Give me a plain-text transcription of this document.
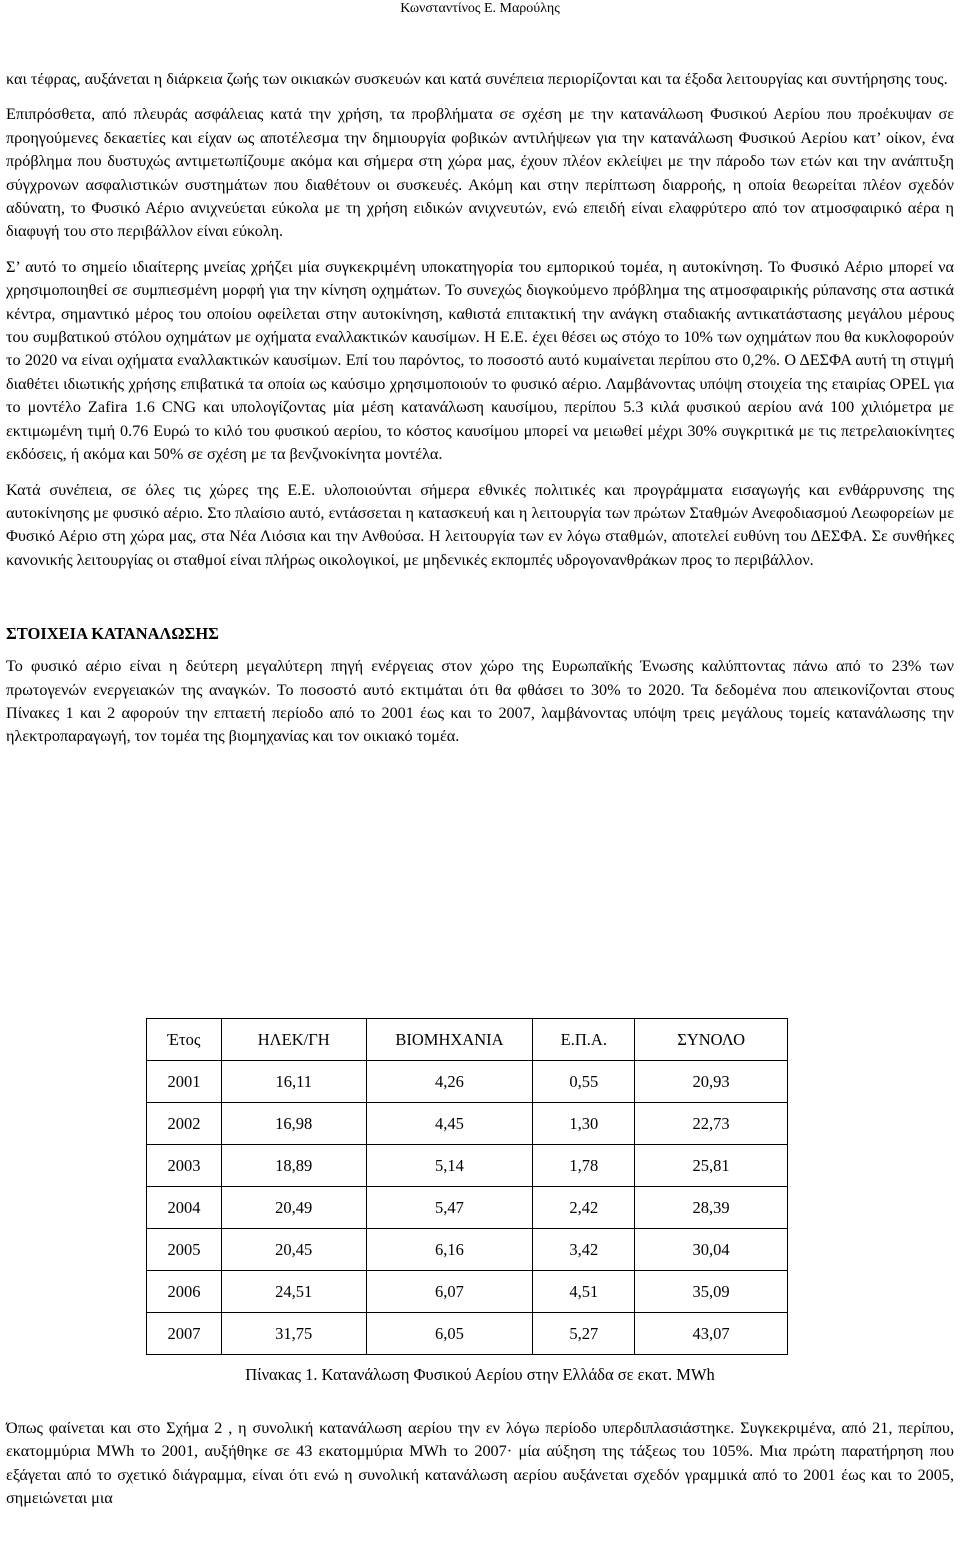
Κωνσταντίνος Ε. Μαρούλης

και τέφρας, αυξάνεται η διάρκεια ζωής των οικιακών συσκευών και κατά συνέπεια περιορίζονται και τα έξοδα λειτουργίας και συντήρησης τους.

Επιπρόσθετα, από πλευράς ασφάλειας κατά την χρήση, τα προβλήματα σε σχέση με την κατανάλωση Φυσικού Αερίου που προέκυψαν σε προηγούμενες δεκαετίες και είχαν ως αποτέλεσμα την δημιουργία φοβικών αντιλήψεων για την κατανάλωση Φυσικού Αερίου κατ’ οίκον, ένα πρόβλημα που δυστυχώς αντιμετωπίζουμε ακόμα και σήμερα στη χώρα μας, έχουν πλέον εκλείψει με την πάροδο των ετών και την ανάπτυξη σύγχρονων ασφαλιστικών συστημάτων που διαθέτουν οι συσκευές. Ακόμη και στην περίπτωση διαρροής, η οποία θεωρείται πλέον σχεδόν αδύνατη, το Φυσικό Αέριο ανιχνεύεται εύκολα με τη χρήση ειδικών ανιχνευτών, ενώ επειδή είναι ελαφρύτερο από τον ατμοσφαιρικό αέρα η διαφυγή του στο περιβάλλον είναι εύκολη.

Σ’ αυτό το σημείο ιδιαίτερης μνείας χρήζει μία συγκεκριμένη υποκατηγορία του εμπορικού τομέα, η αυτοκίνηση. Το Φυσικό Αέριο μπορεί να χρησιμοποιηθεί σε συμπιεσμένη μορφή για την κίνηση οχημάτων. Το συνεχώς διογκούμενο πρόβλημα της ατμοσφαιρικής ρύπανσης στα αστικά κέντρα, σημαντικό μέρος του οποίου οφείλεται στην αυτοκίνηση, καθιστά επιτακτική την ανάγκη σταδιακής αντικατάστασης μεγάλου μέρους του συμβατικού στόλου οχημάτων με οχήματα εναλλακτικών καυσίμων. Η Ε.Ε. έχει θέσει ως στόχο το 10% των οχημάτων που θα κυκλοφορούν το 2020 να είναι οχήματα εναλλακτικών καυσίμων. Επί του παρόντος, το ποσοστό αυτό κυμαίνεται περίπου στο 0,2%. Ο ΔΕΣΦΑ αυτή τη στιγμή διαθέτει ιδιωτικής χρήσης επιβατικά τα οποία ως καύσιμο χρησιμοποιούν το φυσικό αέριο. Λαμβάνοντας υπόψη στοιχεία της εταιρίας OPEL για το μοντέλο Zafira 1.6 CNG και υπολογίζοντας μία μέση κατανάλωση καυσίμου, περίπου 5.3 κιλά φυσικού αερίου ανά 100 χιλιόμετρα με εκτιμωμένη τιμή 0.76 Ευρώ το κιλό του φυσικού αερίου, το κόστος καυσίμου μπορεί να μειωθεί μέχρι 30% συγκριτικά με τις πετρελαιοκίνητες εκδόσεις, ή ακόμα και 50% σε σχέση με τα βενζινοκίνητα μοντέλα.

Κατά συνέπεια, σε όλες τις χώρες της Ε.Ε. υλοποιούνται σήμερα εθνικές πολιτικές και προγράμματα εισαγωγής και ενθάρρυνσης της αυτοκίνησης με φυσικό αέριο. Στο πλαίσιο αυτό, εντάσσεται η κατασκευή και η λειτουργία των πρώτων Σταθμών Ανεφοδιασμού Λεωφορείων με Φυσικό Αέριο στη χώρα μας, στα Νέα Λιόσια και την Ανθούσα. Η λειτουργία των εν λόγω σταθμών, αποτελεί ευθύνη του ΔΕΣΦΑ. Σε συνθήκες κανονικής λειτουργίας οι σταθμοί είναι πλήρως οικολογικοί, με μηδενικές εκπομπές υδρογονανθράκων προς το περιβάλλον.

ΣΤΟΙΧΕΙΑ ΚΑΤΑΝΑΛΩΣΗΣ

Το φυσικό αέριο είναι η δεύτερη μεγαλύτερη πηγή ενέργειας στον χώρο της Ευρωπαϊκής Ένωσης καλύπτοντας πάνω από το 23% των πρωτογενών ενεργειακών της αναγκών. Το ποσοστό αυτό εκτιμάται ότι θα φθάσει το 30% το 2020. Τα δεδομένα που απεικονίζονται στους Πίνακες 1 και 2 αφορούν την επταετή περίοδο από το 2001 έως και το 2007, λαμβάνοντας υπόψη τρεις μεγάλους τομείς κατανάλωσης την ηλεκτροπαραγωγή, τον τομέα της βιομηχανίας και τον οικιακό τομέα.

Έτος	ΗΛΕΚ/ΓΗ	ΒΙΟΜΗΧΑΝΙΑ	Ε.Π.Α.	ΣΥΝΟΛΟ
2001	16,11	4,26	0,55	20,93
2002	16,98	4,45	1,30	22,73
2003	18,89	5,14	1,78	25,81
2004	20,49	5,47	2,42	28,39
2005	20,45	6,16	3,42	30,04
2006	24,51	6,07	4,51	35,09
2007	31,75	6,05	5,27	43,07
Πίνακας 1. Κατανάλωση Φυσικού Αερίου στην Ελλάδα σε εκατ. MWh

Όπως φαίνεται και στο Σχήμα 2 , η συνολική κατανάλωση αερίου την εν λόγω περίοδο υπερδιπλασιάστηκε. Συγκεκριμένα, από 21, περίπου, εκατομμύρια MWh το 2001, αυξήθηκε σε 43 εκατομμύρια MWh το 2007· μία αύξηση της τάξεως του 105%. Μια πρώτη παρατήρηση που εξάγεται από το σχετικό διάγραμμα, είναι ότι ενώ η συνολική κατανάλωση αερίου αυξάνεται σχεδόν γραμμικά από το 2001 έως και το 2005, σημειώνεται μια
